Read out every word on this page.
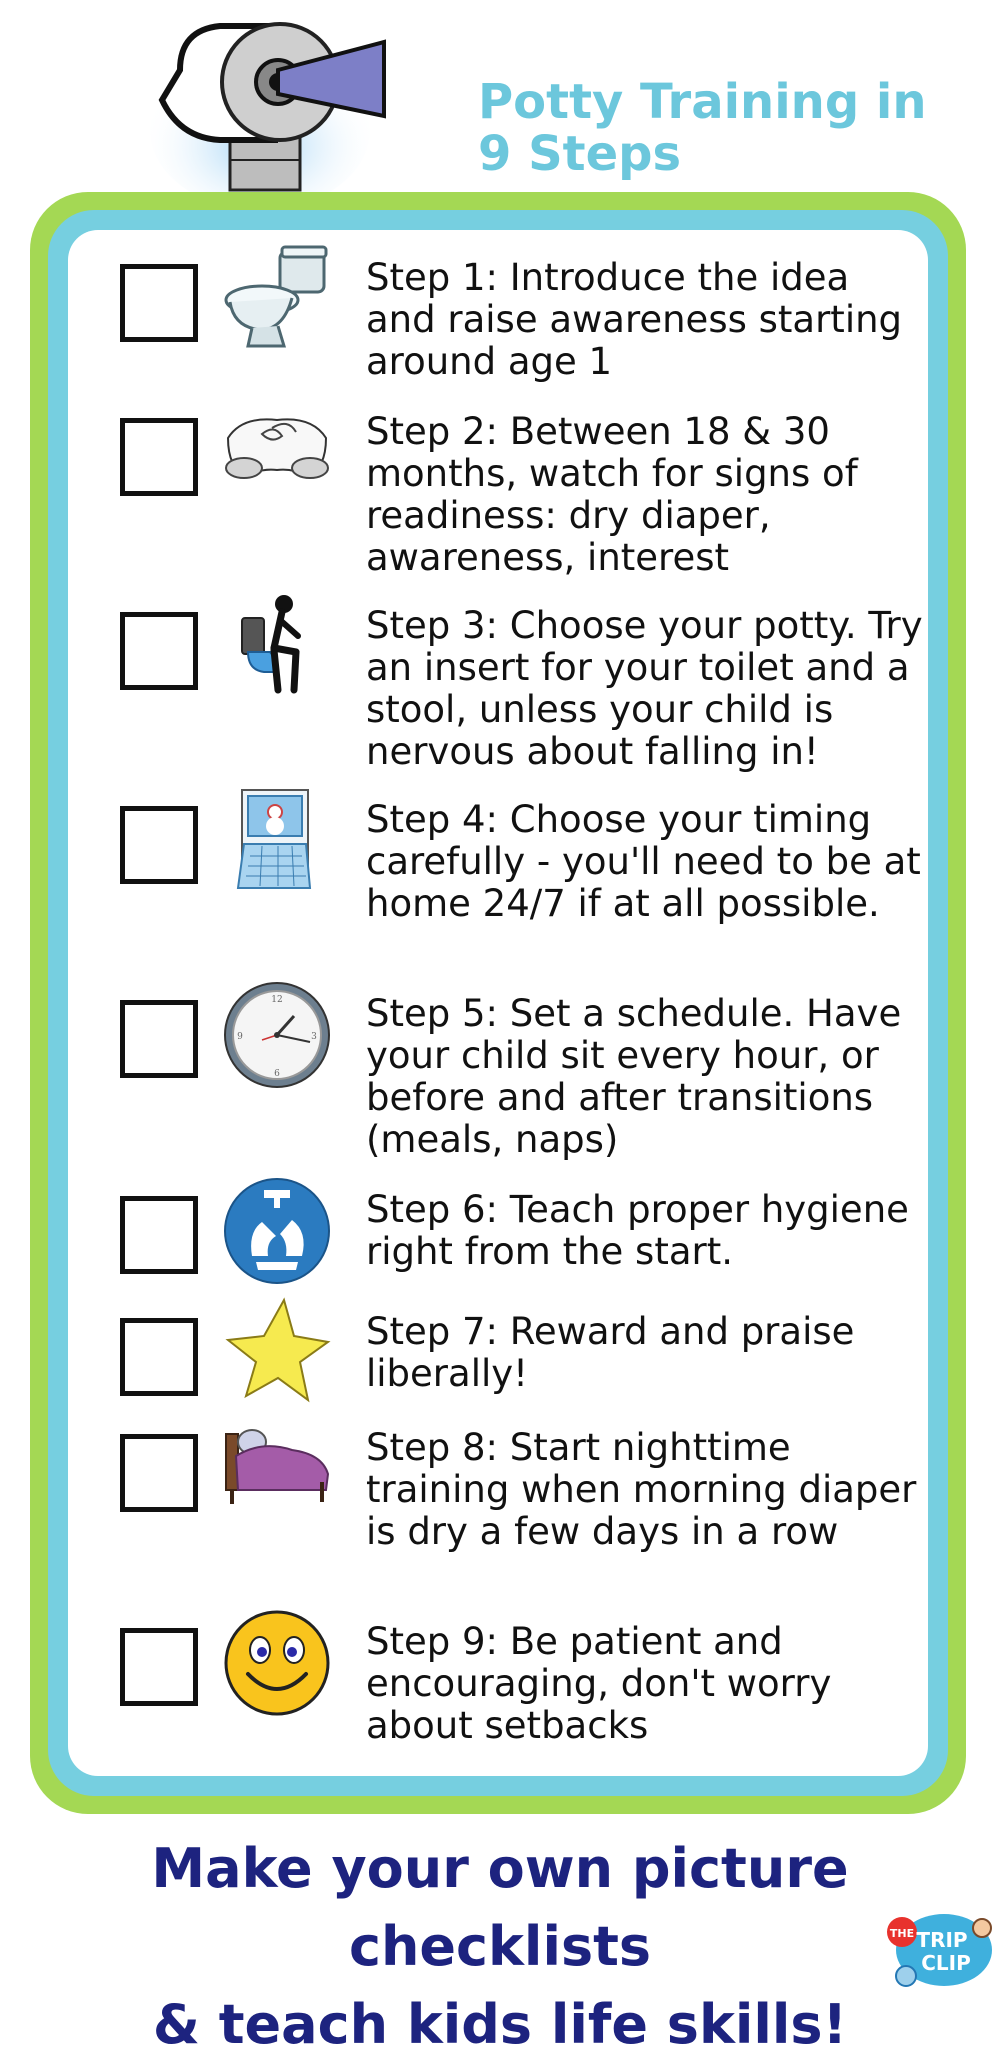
Potty Training in
9 Steps
Step 1: Introduce the idea and raise awareness starting around age 1
Step 2: Between 18 & 30 months, watch for signs of readiness: dry diaper, awareness, interest
Step 3: Choose your potty. Try an insert for your toilet and a stool, unless your child is nervous about falling in!
Step 4: Choose your timing carefully - you'll need to be at home 24/7 if at all possible.
12
3
6
9
Step 5: Set a schedule. Have your child sit every hour, or before and after transitions (meals, naps)
Step 6: Teach proper hygiene right from the start.
Step 7: Reward and praise liberally!
Step 8: Start nighttime training when morning diaper is dry a few days in a row
Step 9: Be patient and encouraging, don't worry about setbacks
Make your own picture checklists
& teach kids life skills!
THE TRIP
CLIP
